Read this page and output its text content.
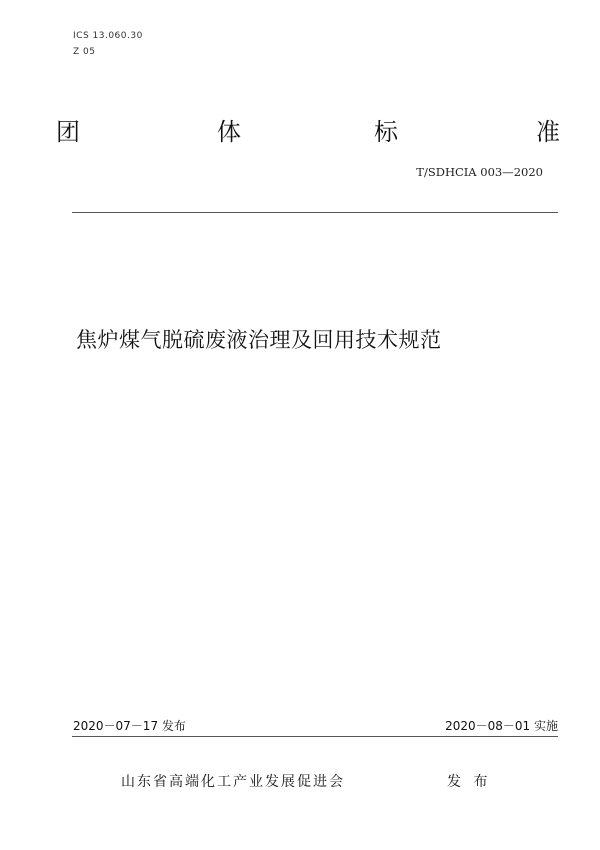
ICS 13.060.30
Z 05
团	体	标	准
T/SDHCIA 003—2020
焦炉煤气脱硫废液治理及回用技术规范
2020－07－17 发布	2020－08－01 实施
山东省高端化工产业发展促进会	发 布
